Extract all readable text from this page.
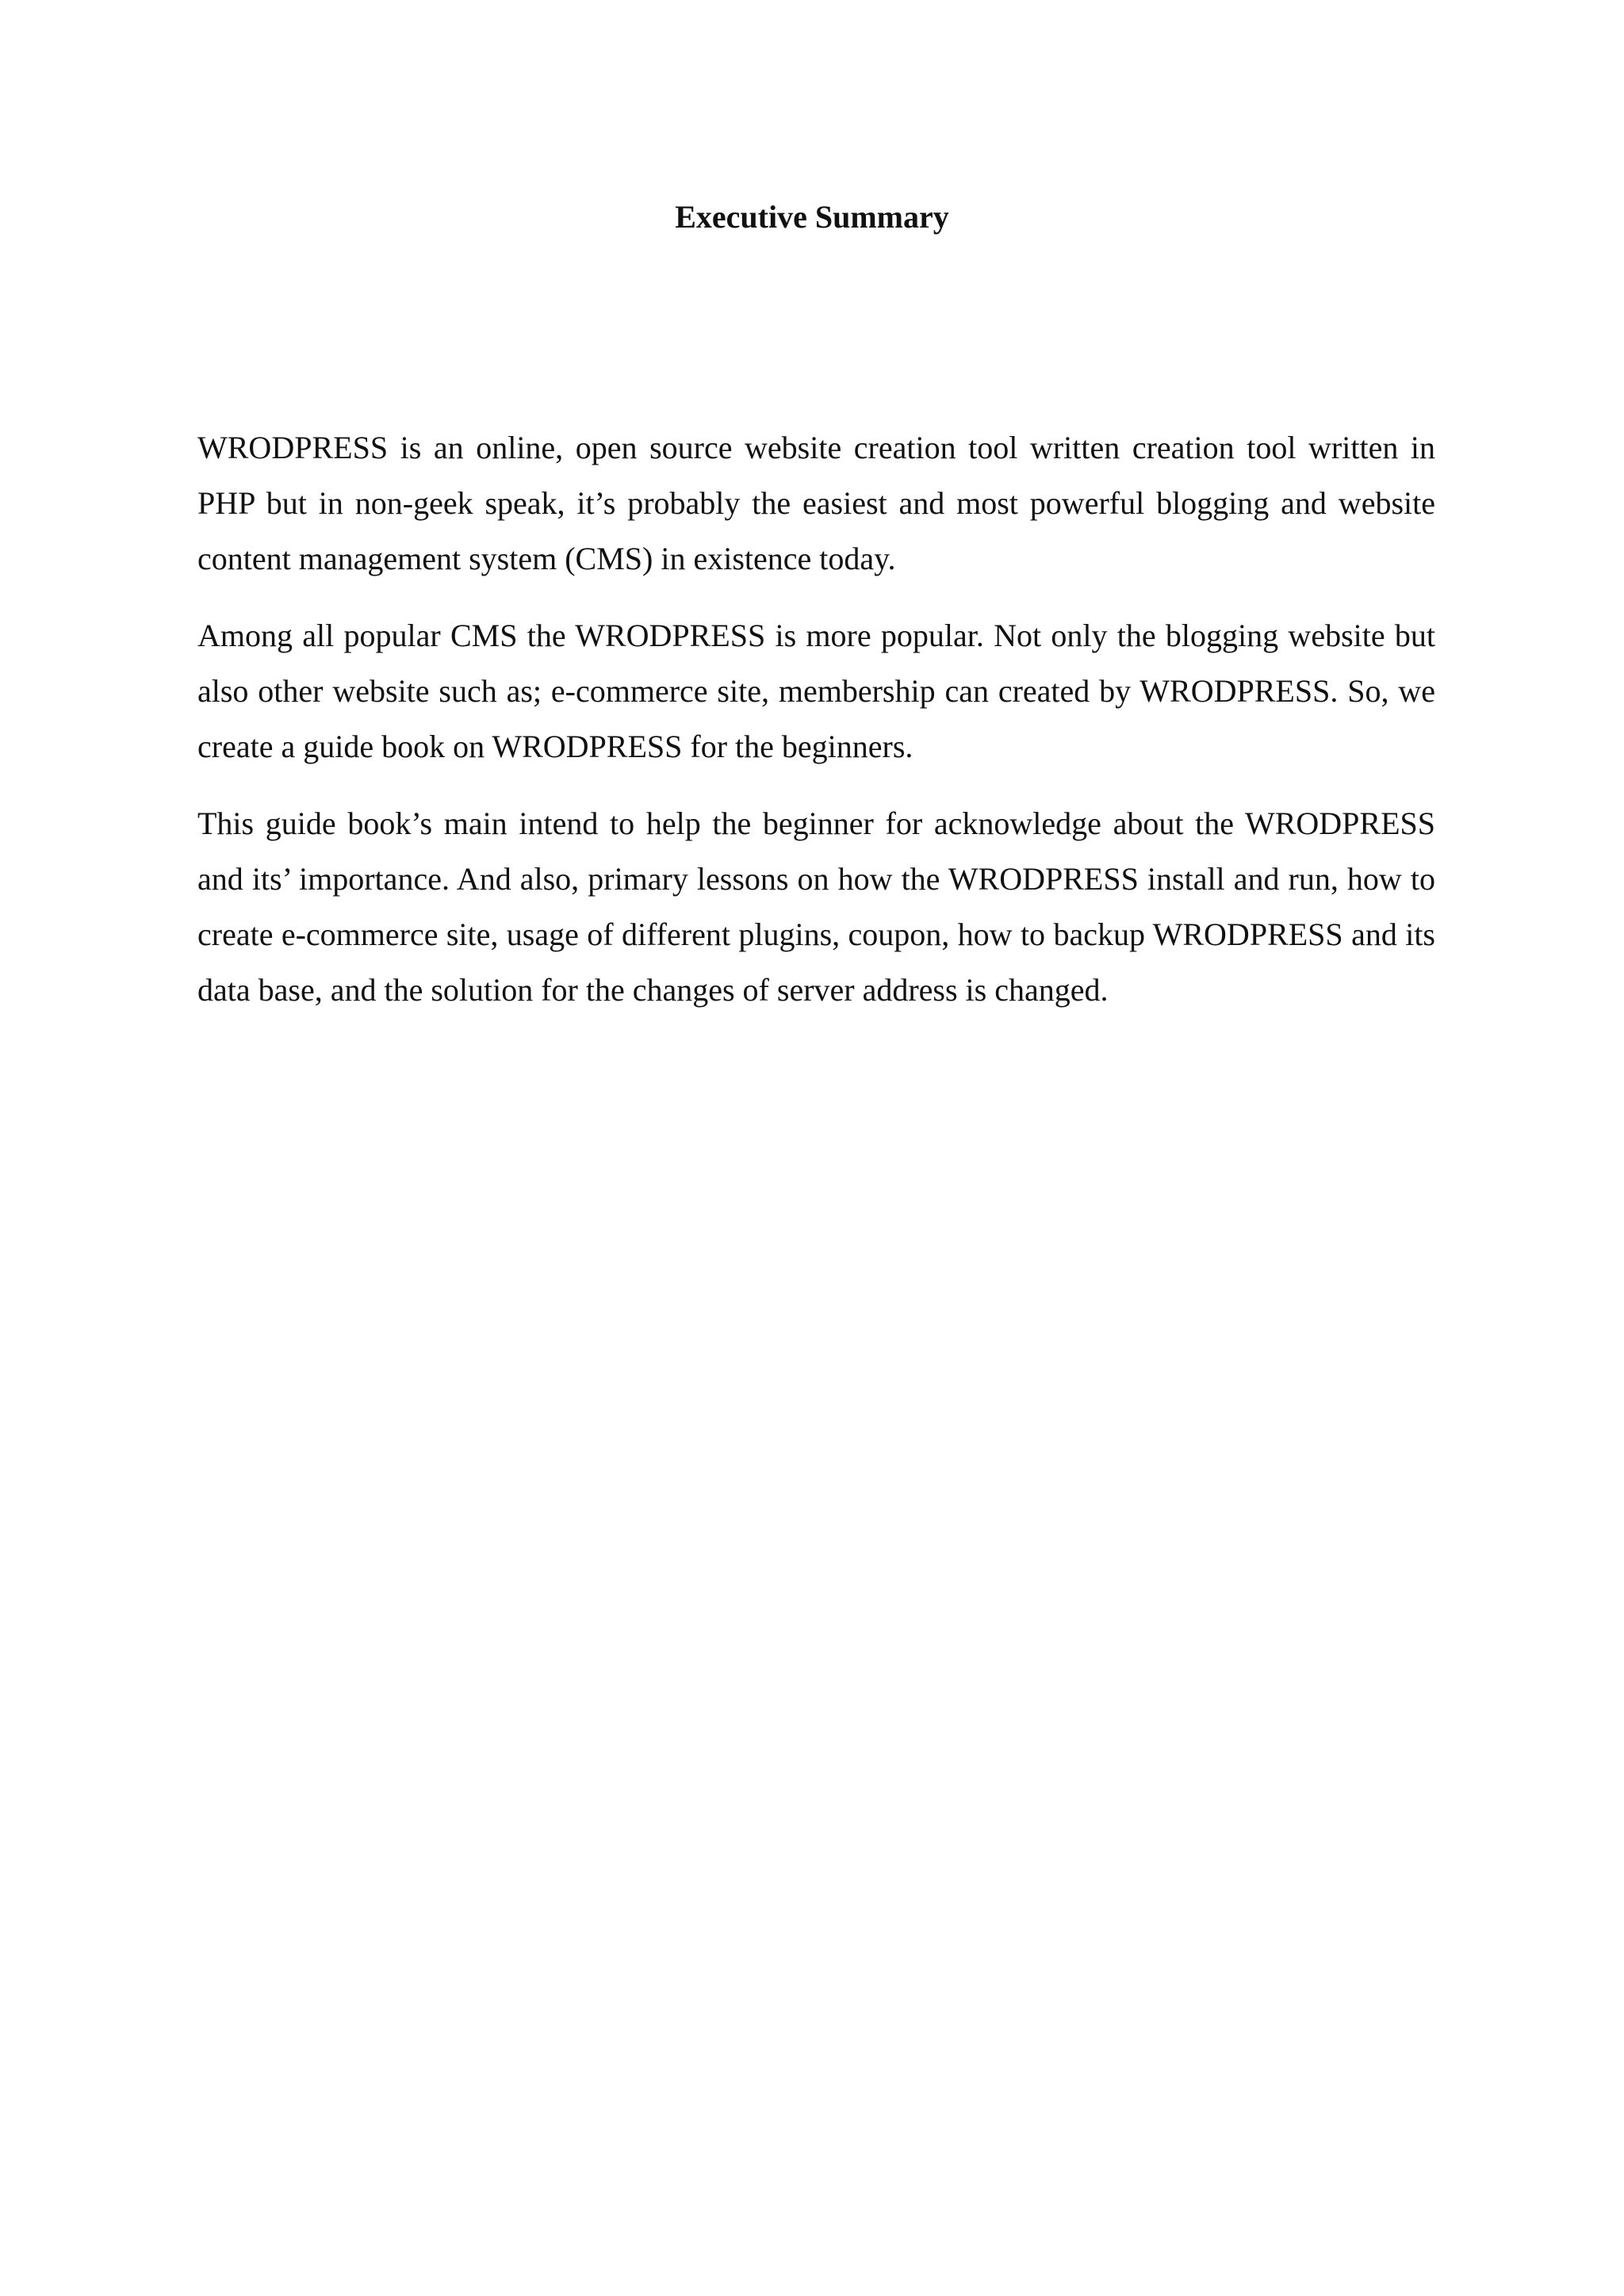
Executive Summary

WRODPRESS is an online, open source website creation tool written creation tool written in PHP but in non-geek speak, it’s probably the easiest and most powerful blogging and website content management system (CMS) in existence today.

Among all popular CMS the WRODPRESS is more popular. Not only the blogging website but also other website such as; e-commerce site, membership can created by WRODPRESS. So, we create a guide book on WRODPRESS for the beginners.

This guide book’s main intend to help the beginner for acknowledge about the WRODPRESS and its’ importance. And also, primary lessons on how the WRODPRESS install and run, how to create e-commerce site, usage of different plugins, coupon, how to backup WRODPRESS and its data base, and the solution for the changes of server address is changed.
